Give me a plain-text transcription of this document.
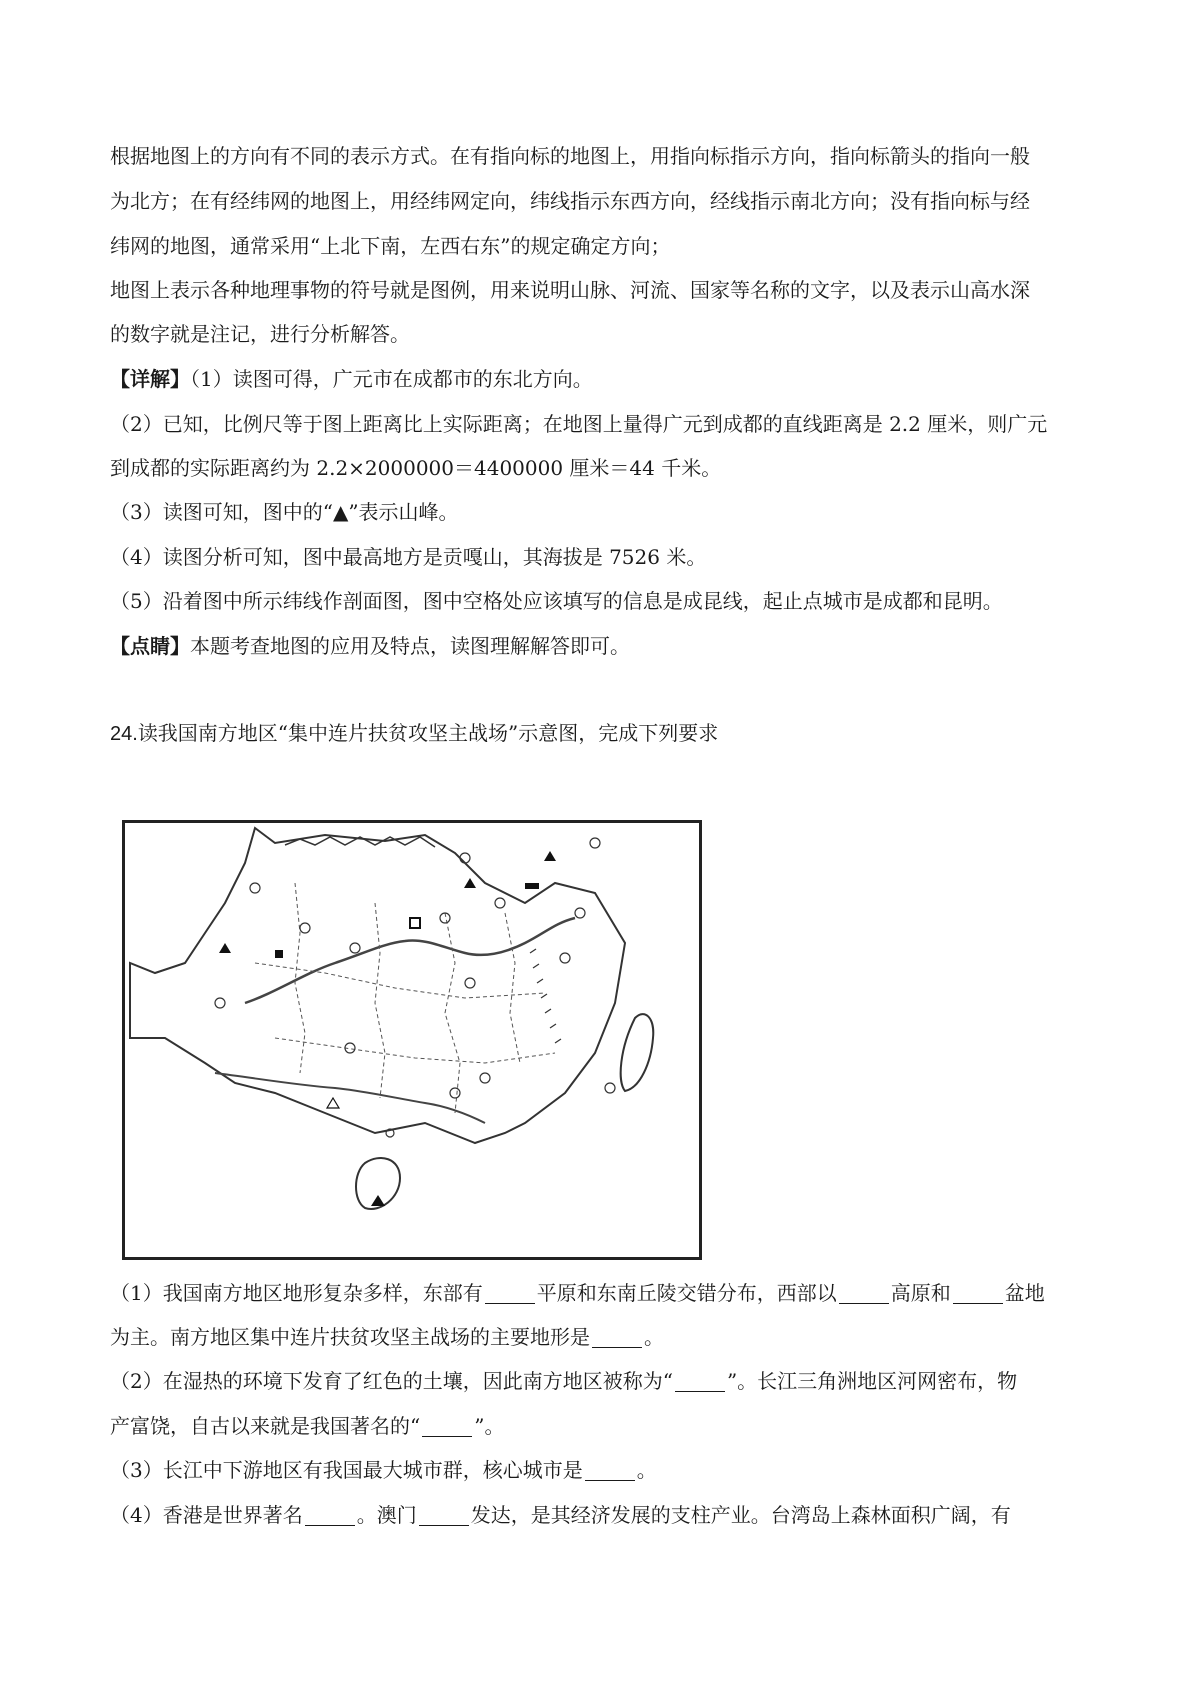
根据地图上的方向有不同的表示方式。在有指向标的地图上，用指向标指示方向，指向标箭头的指向一般
为北方；在有经纬网的地图上，用经纬网定向，纬线指示东西方向，经线指示南北方向；没有指向标与经
纬网的地图，通常采用“上北下南，左西右东”的规定确定方向；
地图上表示各种地理事物的符号就是图例，用来说明山脉、河流、国家等名称的文字，以及表示山高水深
的数字就是注记，进行分析解答。
【详解】（1）读图可得，广元市在成都市的东北方向。
（2）已知，比例尺等于图上距离比上实际距离；在地图上量得广元到成都的直线距离是 2.2 厘米，则广元
到成都的实际距离约为 2.2×2000000＝4400000 厘米＝44 千米。
（3）读图可知，图中的“▲”表示山峰。
（4）读图分析可知，图中最高地方是贡嘎山，其海拔是 7526 米。
（5）沿着图中所示纬线作剖面图，图中空格处应该填写的信息是成昆线，起止点城市是成都和昆明。
【点睛】本题考查地图的应用及特点，读图理解解答即可。
24.读我国南方地区“集中连片扶贫攻坚主战场”示意图，完成下列要求
（1）我国南方地区地形复杂多样，东部有	平原和东南丘陵交错分布，西部以	高原和	盆地
为主。南方地区集中连片扶贫攻坚主战场的主要地形是	。
（2）在湿热的环境下发育了红色的土壤，因此南方地区被称为“	”。长江三角洲地区河网密布，物
产富饶，自古以来就是我国著名的“	”。
（3）长江中下游地区有我国最大城市群，核心城市是	。
（4）香港是世界著名	。澳门	发达，是其经济发展的支柱产业。台湾岛上森林面积广阔，有
